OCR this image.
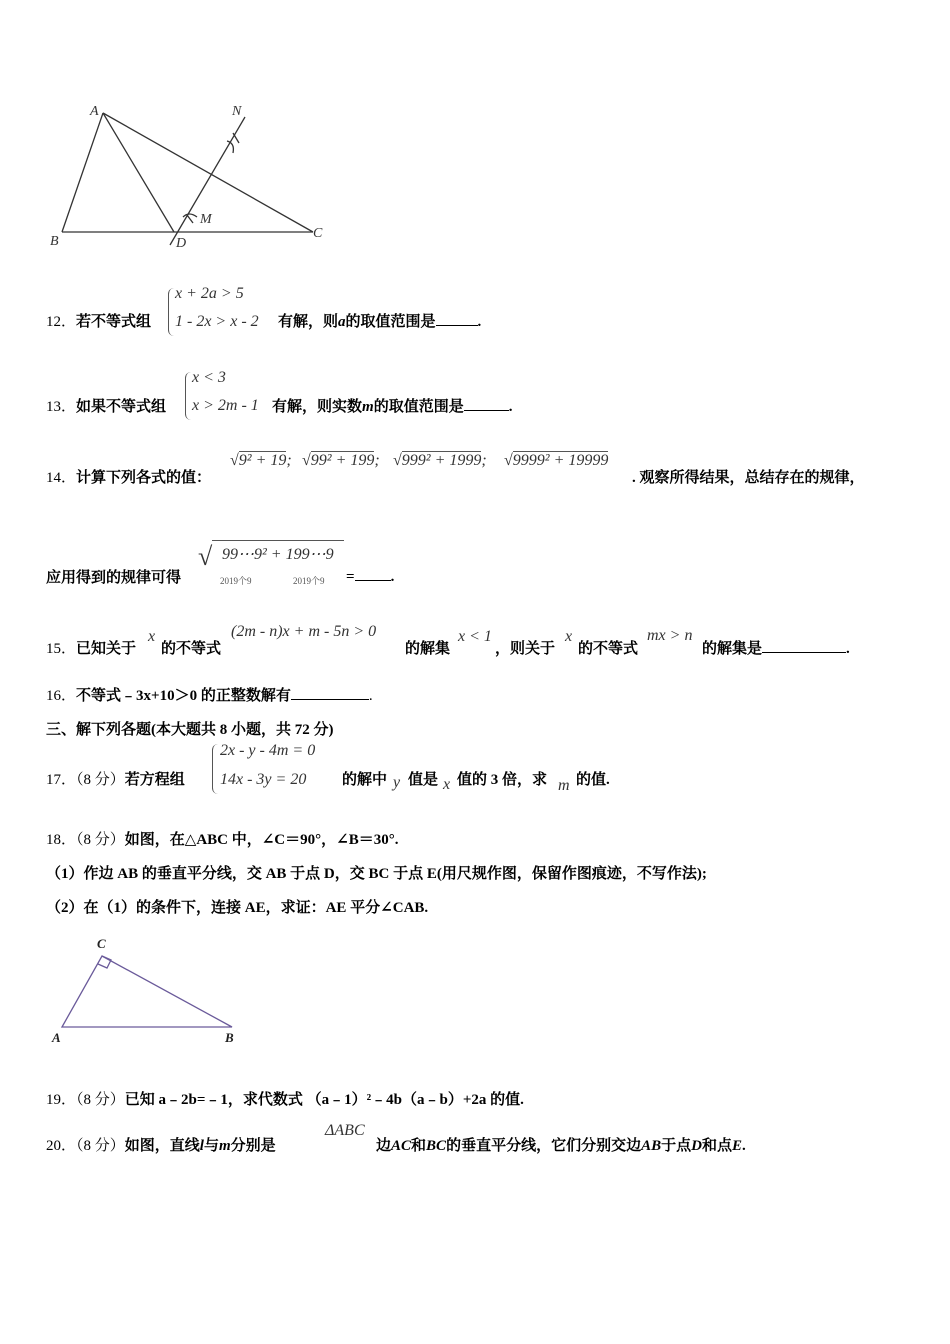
A	N
M
B	D
C
12．若不等式组
x + 2a > 5
1 - 2x > x - 2 有解，则a的取值范围是	.
13．如果不等式组
x < 3
x > 2m - 1 有解，则实数m的取值范围是	.
14．计算下列各式的值：
√9² + 19; √99² + 199; √999² + 1999; √9999² + 19999
. 观察所得结果，总结存在的规律，
应用得到的规律可得
√ 99⋯9² + 199⋯9
2019个9	2019个9 = .
15．已知关于
x
的不等式
(2m - n)x + m - 5n > 0
的解集
x < 1
，则关于
x
的不等式
mx > n
的解集是	.
16．不等式﹣3x+10＞0 的正整数解有	.
三、解下列各题(本大题共 8 小题，共 72 分)
17．（8 分）若方程组
2x - y - 4m = 0
14x - 3y = 20 的解中 y 值是 x 值的 3 倍，求 m 的值.
18．（8 分）如图，在△ABC 中，∠C＝90°，∠B＝30°.
（1）作边 AB 的垂直平分线，交 AB 于点 D，交 BC 于点 E(用尺规作图，保留作图痕迹，不写作法);
（2）在（1）的条件下，连接 AE，求证：AE 平分∠CAB.
C
A	B
19．（8 分）已知 a﹣2b=﹣1，求代数式 （a﹣1）²﹣4b（a﹣b）+2a 的值.
20．（8 分）如图，直线l与m分别是
ΔABC
边AC和BC的垂直平分线，它们分别交边AB于点D和点E.
